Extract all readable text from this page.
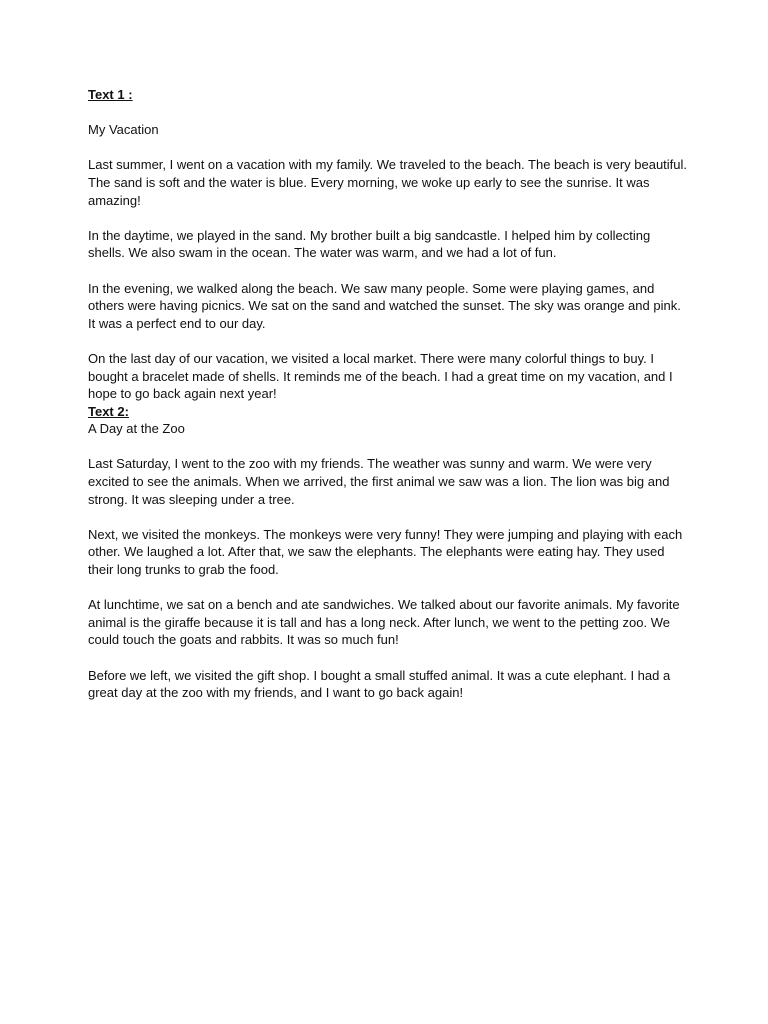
Text 1 :

My Vacation

Last summer, I went on a vacation with my family. We traveled to the beach. The beach is very beautiful. The sand is soft and the water is blue. Every morning, we woke up early to see the sunrise. It was amazing!

In the daytime, we played in the sand. My brother built a big sandcastle. I helped him by collecting shells. We also swam in the ocean. The water was warm, and we had a lot of fun.

In the evening, we walked along the beach. We saw many people. Some were playing games, and others were having picnics. We sat on the sand and watched the sunset. The sky was orange and pink. It was a perfect end to our day.

On the last day of our vacation, we visited a local market. There were many colorful things to buy. I bought a bracelet made of shells. It reminds me of the beach. I had a great time on my vacation, and I hope to go back again next year!

Text 2:

A Day at the Zoo

Last Saturday, I went to the zoo with my friends. The weather was sunny and warm. We were very excited to see the animals. When we arrived, the first animal we saw was a lion. The lion was big and strong. It was sleeping under a tree.

Next, we visited the monkeys. The monkeys were very funny! They were jumping and playing with each other. We laughed a lot. After that, we saw the elephants. The elephants were eating hay. They used their long trunks to grab the food.

At lunchtime, we sat on a bench and ate sandwiches. We talked about our favorite animals. My favorite animal is the giraffe because it is tall and has a long neck. After lunch, we went to the petting zoo. We could touch the goats and rabbits. It was so much fun!

Before we left, we visited the gift shop. I bought a small stuffed animal. It was a cute elephant. I had a great day at the zoo with my friends, and I want to go back again!
